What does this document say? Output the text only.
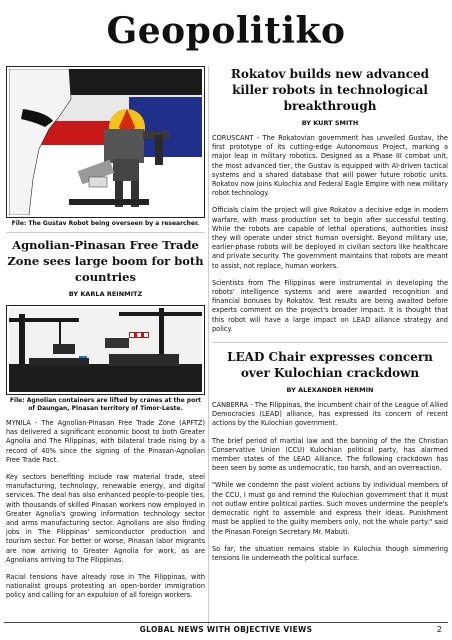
Geopolitiko
File: The Gustav Robot being overseen by a researcher.
Agnolian-Pinasan Free Trade Zone sees large boom for both countries
BY KARLA REINMITZ
File: Agnolian containers are lifted by cranes at the port of Daungan, Pinasan territory of Timor-Leste.

MYNILA - The Agnolian-Pinasan Free Trade Zone (APFTZ) has delivered a significant economic boost to both Greater Agnolia and The Filippinas, with bilateral trade rising by a record of 40% since the signing of the Pinasan-Agnolian Free Trade Pact.

Key sectors benefiting include raw material trade, steel manufacturing, technology, renewable energy, and digital services. The deal has also enhanced people-to-people ties, with thousands of skilled Pinasan workers now employed in Greater Agnolia's growing information technology sector and arms manufacturing sector. Agnolians are also finding jobs in The Filippinas' semiconductor production and tourism sector. For better or worse, Pinasan labor migrants are now arriving to Greater Agnolia for work, as are Agnolians arriving to The Filippinas.

Racial tensions have already rose in The Filippinas, with nationalist groups protesting an open-border immigration policy and calling for an expulsion of all foreign workers.

Rokatov builds new advanced killer robots in technological breakthrough
BY KURT SMITH

CORUSCANT - The Rokatovian government has unveiled Gustav, the first prototype of its cutting-edge Autonomous Project, marking a major leap in military robotics. Designed as a Phase III combat unit, the most advanced tier, the Gustav is equipped with AI-driven tactical systems and a shared database that will power future robotic units. Rokatov now joins Kulochia and Federal Eagle Empire with new military robot technology.

Officials claim the project will give Rokatov a decisive edge in modern warfare, with mass production set to begin after successful testing. While the robots are capable of lethal operations, authorities insist they will operate under strict human oversight. Beyond military use, earlier-phase robots will be deployed in civilian sectors like healthcare and private security. The government maintains that robots are meant to assist, not replace, human workers.

Scientists from The Filippinas were instrumental in developing the robots' intelligence systems and were awarded recognition and financial bonuses by Rokatov. Test results are being awaited before experts comment on the project's broader impact. It is thought that this robot will have a large impact on LEAD alliance strategy and policy.

LEAD Chair expresses concern over Kulochian crackdown
BY ALEXANDER HERMIN

CANBERRA - The Filippinas, the incumbent chair of the League of Allied Democracies (LEAD) alliance, has expressed its concern of recent actions by the Kulochian government.

The brief period of martial law and the banning of the the Christian Conservative Union (CCU) Kulochian political party, has alarmed member states of the LEAD Alliance. The following crackdown has been seen by some as undemocratic, too harsh, and an overreaction.

"While we condemn the past violent actions by individual members of the CCU, I must go and remind the Kulochian government that it must not outlaw entire political parties. Such moves undermine the people's democratic right to assemble and express their ideas. Punishment must be applied to the guilty members only, not the whole party." said the Pinasan Foreign Secretary Mr. Mabuti.

So far, the situation remains stable in Kulochia though simmering tensions lie underneath the political surface.

GLOBAL NEWS WITH OBJECTIVE VIEWS	2
